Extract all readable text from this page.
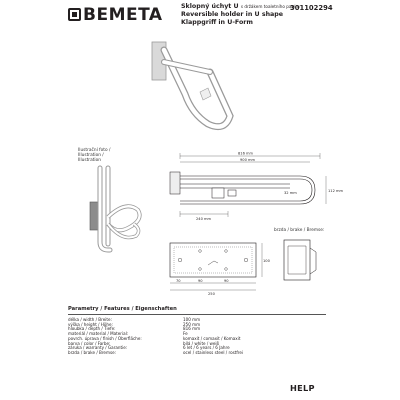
BEMETA	Sklopný úchyt U s držákem toaletního papíru
Reversible holder in U shape
Klappgriff in U-Form
301102294
Ilustrační foto /
Illustration /
Illustration
816 mm
900 mm
32 mm	112 mm
240 mm
100
70	90	90
250
brzda / brake / Bremse:
Parametry / Features / Eigenschaften
délka / width / Breite:	100 mm
výška / height / Höhe:	250 mm
hloubka / depth / Tiefe:	816 mm
materiál / material / Material:	Fe
povrch. úprava / finish / Oberfläche:	komaxit / comaxit / Komaxit
barva / color / Farbe:	bílá / white / weiß
záruka / warranty / Garantie:	6 let / 6 years / 6 Jahre
brzda / brake / Bremse:	ocel / stainless steel / rostfrei
HELP
